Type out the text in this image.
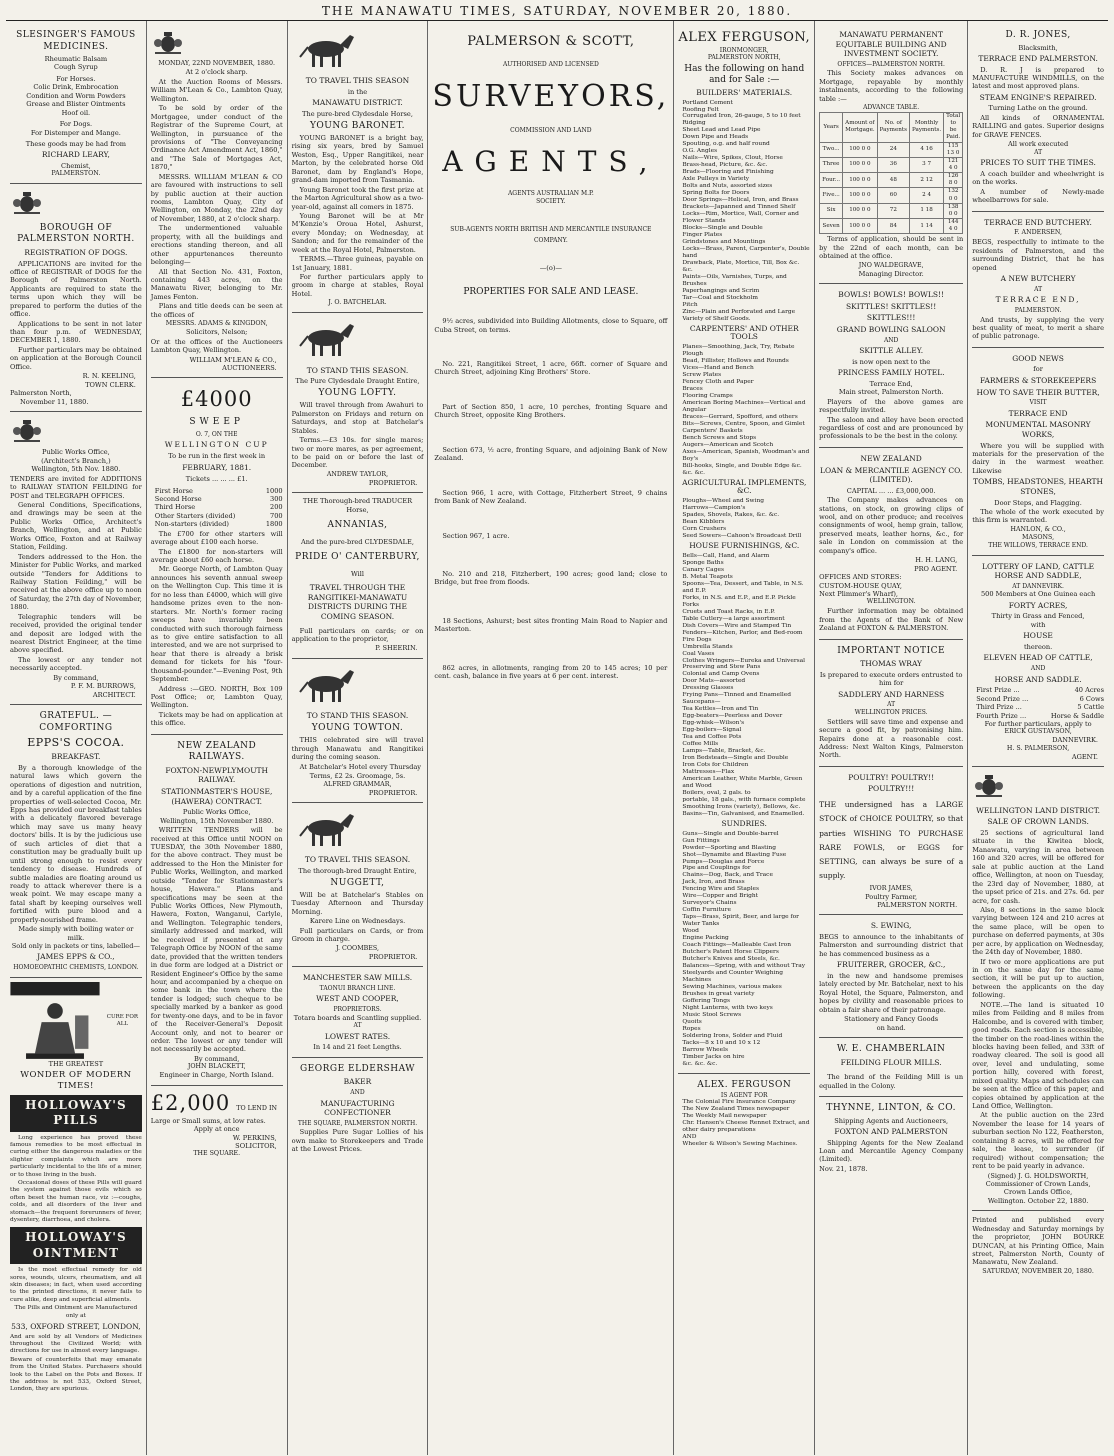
THE MANAWATU TIMES, SATURDAY, NOVEMBER 20, 1880.
SLESINGER'S FAMOUS MEDICINES.
Rheumatic Balsam
Cough Syrup
For Horses.
Colic Drink, Embrocation
Condition and Worm Powders
Grease and Blister Ointments
Hoof oil.
For Dogs.
For Distemper and Mange.
These goods may be had from
RICHARD LEARY,
Chemist,
PALMERSTON.
BOROUGH OF PALMERSTON NORTH.
REGISTRATION OF DOGS.

APPLICATIONS are invited for the office of REGISTRAR of DOGS for the Borough of Palmerston North. Applicants are required to state the terms upon which they will be prepared to perform the duties of the office.

Applications to be sent in not later than four p.m. of WEDNESDAY, DECEMBER 1, 1880.

Further particulars may be obtained on application at the Borough Council Office.

R. N. KEELING,
TOWN CLERK.
Palmerston North,
November 11, 1880.
Public Works Office,
(Architect's Branch,)
Wellington, 5th Nov. 1880.

TENDERS are invited for ADDITIONS to RAILWAY STATION FEILDING for POST and TELEGRAPH OFFICES.

General Conditions, Specifications, and drawings may be seen at the Public Works Office, Architect's Branch, Wellington, and at Public Works Office, Foxton and at Railway Station, Feilding.

Tenders addressed to the Hon. the Minister for Public Works, and marked outside "Tenders for Additions to Railway Station Feilding," will be received at the above office up to noon of Saturday, the 27th day of November, 1880.

Telegraphic tenders will be received, provided the original tender and deposit are lodged with the nearest District Engineer, at the time above specified.

The lowest or any tender not necessarily accepted.

By command,
P. F. M. BURROWS,
ARCHITECT.
GRATEFUL. — COMFORTING
EPPS'S COCOA.
BREAKFAST.

By a thorough knowledge of the natural laws which govern the operations of digestion and nutrition, and by a careful application of the fine properties of well-selected Cocoa, Mr. Epps has provided our breakfast tables with a delicately flavored beverage which may save us many heavy doctors' bills. It is by the judicious use of such articles of diet that a constitution may be gradually built up until strong enough to resist every tendency to disease. Hundreds of subtle maladies are floating around us ready to attack wherever there is a weak point. We may escape many a fatal shaft by keeping ourselves well fortified with pure blood and a properly-nourished frame.

Made simply with boiling water or milk.
Sold only in packets or tins, labelled—
JAMES EPPS & CO.,
HOMOEOPATHIC CHEMISTS, LONDON.
CURE FOR ALL
THE GREATEST
WONDER OF MODERN TIMES!
HOLLOWAY'S PILLS

Long experience has proved these famous remedies to be most effectual in curing either the dangerous maladies or the slighter complaints which are more particularly incidental to the life of a miner, or to those living in the bush.

Occasional doses of these Pills will guard the system against those evils which so often beset the human race, viz :—coughs, colds, and all disorders of the liver and stomach—the frequent forerunners of fever, dysentery, diarrhoea, and cholera.

HOLLOWAY'S OINTMENT

Is the most effectual remedy for old sores, wounds, ulcers, rheumatism, and all skin diseases; in fact, when used according to the printed directions, it never fails to cure alike, deep and superficial ailments.

The Pills and Ointment are Manufactured only at
533, OXFORD STREET, LONDON,

And are sold by all Vendors of Medicines throughout the Civilized World; with directions for use in almost every language.

Beware of counterfeits that may emanate from the United States. Purchasers should look to the Label on the Pots and Boxes. If the address is not 533, Oxford Street, London, they are spurious.

MONDAY, 22ND NOVEMBER, 1880.
At 2 o'clock sharp.

At the Auction Rooms of Messrs. William M'Lean & Co., Lambton Quay, Wellington.

To be sold by order of the Mortgagee, under conduct of the Registrar of the Supreme Court, at Wellington, in pursuance of the provisions of "The Conveyancing Ordinance Act Amendment Act, 1860," and "The Sale of Mortgages Act, 1870,"

MESSRS. WILLIAM M'LEAN & CO are favoured with instructions to sell by public auction at their auction rooms, Lambton Quay, City of Wellington, on Monday, the 22nd day of November, 1880, at 2 o'clock sharp.

The undermentioned valuable property, with all the buildings and erections standing thereon, and all other appurtenances thereunto belonging—

All that Section No. 431, Foxton, containing 443 acres, on the Manawatu River, belonging to Mr. James Fenton.

Plans and title deeds can be seen at the offices of

MESSRS. ADAMS & KINGDON,
Solicitors, Nelson;

Or at the offices of the Auctioneers Lambton Quay, Wellington.

WILLIAM M'LEAN & CO.,
AUCTIONEERS.
£4000
SWEEP
O. 7, ON THE
WELLINGTON CUP
To be run in the first week in
FEBRUARY, 1881.
Tickets ... ... ... £1.
First Horse	1000
Second Horse	300
Third Horse	200
Other Starters (divided)	700
Non-starters (divided)	1800

The £700 for other starters will average about £100 each horse.

The £1800 for non-starters will average about £60 each horse.

Mr. George North, of Lambton Quay announces his seventh annual sweep on the Wellington Cup. This time it is for no less than £4000, which will give handsome prizes even to the non-starters. Mr. North's former racing sweeps have invariably been conducted with such thorough fairness as to give entire satisfaction to all interested, and we are not surprised to hear that there is already a brisk demand for tickets for his "four-thousand-pounder."—Evening Post, 9th September.

Address :—GEO. NORTH, Box 109 Post Office; or, Lambton Quay, Wellington.

Tickets may be had on application at this office.

NEW ZEALAND RAILWAYS.
FOXTON-NEWPLYMOUTH RAILWAY.
STATIONMASTER'S HOUSE, (HAWERA) CONTRACT.
Public Works Office,
Wellington, 15th November 1880.

WRITTEN TENDERS will be received at this Office until NOON on TUESDAY, the 30th November 1880, for the above contract. They must be addressed to the Hon the Minister for Public Works, Wellington, and marked outside "Tender for Stationmaster's house, Hawera." Plans and specifications may be seen at the Public Works Offices, New Plymouth, Hawera, Foxton, Wanganui, Carlyle, and Wellington. Telegraphic tenders, similarly addressed and marked, will be received if presented at any Telegraph Office by NOON of the same date, provided that the written tenders in due form are lodged at a District or Resident Engineer's Office by the same hour, and accompanied by a cheque on some bank in the town where the tender is lodged; such cheque to be specially marked by a banker as good for twenty-one days, and to be in favor of the Receiver-General's Deposit Account only, and not to bearer or order. The lowest or any tender will not necessarily be accepted.

By command,
JOHN BLACKETT,
Engineer in Charge, North Island.
£2,000 TO LEND IN
Large or Small sums, at low rates.
Apply at once
W. PERKINS,
SOLICITOR,
THE SQUARE.
TO TRAVEL THIS SEASON
in the
MANAWATU DISTRICT.
The pure-bred Clydesdale Horse,
YOUNG BARONET.

YOUNG BARONET is a bright bay, rising six years, bred by Samuel Weston, Esq., Upper Rangitikei, near Marton, by the celebrated horse Old Baronet, dam by England's Hope, grand-dam imported from Tasmania.

Young Baronet took the first prize at the Marton Agricultural show as a two-year-old, against all comers in 1875.

Young Baronet will be at Mr M'Kenzie's Oroua Hotel, Ashurst, every Monday; on Wednesday, at Sandon; and for the remainder of the week at the Royal Hotel, Palmerston.

TERMS.—Three guineas, payable on 1st January, 1881.

For further particulars apply to groom in charge at stables, Royal Hotel.

J. O. BATCHELAR.
TO STAND THIS SEASON.
The Pure Clydesdale Draught Entire,
YOUNG LOFTY.

Will travel through from Awahuri to Palmerston on Fridays and return on Saturdays, and stop at Batchelar's Stables.

Terms.—£3 10s. for single mares; two or more mares, as per agreement, to be paid on or before the last of December.

ANDREW TAYLOR,
PROPRIETOR.
THE Thorough-bred TRADUCER Horse,
ANNANIAS,
And the pure-bred CLYDESDALE,
PRIDE O' CANTERBURY,
Will
TRAVEL THROUGH THE RANGITIKEI-MANAWATU DISTRICTS DURING THE COMING SEASON.

Full particulars on cards; or on application to the proprietor,

P. SHEERIN.
TO STAND THIS SEASON.
YOUNG TOWTON.

THIS celebrated sire will travel through Manawatu and Rangitikei during the coming season.

At Batchelar's Hotel every Thursday

Terms, £2 2s. Groomage, 5s.
ALFRED GRAMMAR,
PROPRIETOR.
TO TRAVEL THIS SEASON.
The thorough-bred Draught Entire,
NUGGETT,

Will be at Batchelar's Stables on Tuesday Afternoon and Thursday Morning.

Karere Line on Wednesdays.

Full particulars on Cards, or from Groom in charge.

J. COOMBES,
PROPRIETOR.
MANCHESTER SAW MILLS.
TAONUI BRANCH LINE.
WEST AND COOPER,
PROPRIETORS.
Totara boards and Scantling supplied.
AT
LOWEST RATES.
In 14 and 21 feet Lengths.
GEORGE ELDERSHAW
BAKER
AND
MANUFACTURING CONFECTIONER
THE SQUARE, PALMERSTON NORTH.

Supplies Pure Sugar Lollies of his own make to Storekeepers and Trade at the Lowest Prices.

PALMERSON & SCOTT,
AUTHORISED AND LICENSED
SURVEYORS,
COMMISSION AND LAND
AGENTS,
AGENTS AUSTRALIAN M.P.
SOCIETY.
SUB-AGENTS NORTH BRITISH AND MERCANTILE INSURANCE COMPANY.
—(o)—
PROPERTIES FOR SALE AND LEASE.

9½ acres, subdivided into Building Allotments, close to Square, off Cuba Street, on terms.

No. 221, Rangitikei Street, 1 acre, 66ft. corner of Square and Church Street, adjoining King Brothers' Store.

Part of Section 850, 1 acre, 10 perches, fronting Square and Church Street, opposite King Brothers.

Section 673, ½ acre, fronting Square, and adjoining Bank of New Zealand.

Section 966, 1 acre, with Cottage, Fitzherbert Street, 9 chains from Bank of New Zealand.

Section 967, 1 acre.

No. 210 and 218, Fitzherbert, 190 acres; good land; close to Bridge, but free from floods.

18 Sections, Ashurst; best sites fronting Main Road to Napier and Masterton.

862 acres, in allotments, ranging from 20 to 145 acres; 10 per cent. cash, balance in five years at 6 per cent. interest.

ALEX FERGUSON,
IRONMONGER,
PALMERSTON NORTH,
Has the following on hand and for Sale :—
BUILDERS' MATERIALS.
Portland Cement
Roofing Felt
Corrugated Iron, 26-gauge, 5 to 10 feet
Ridging
Sheet Lead and Lead Pipe
Down Pipe and Heads
Spouting, o.g. and half round
O.G. Angles
Nails—Wire, Spikes, Clout, Horse
Brass-head, Picture, &c. &c.
Brads—Flooring and Finishing
Axle Pulleys in Variety
Bolts and Nuts, assorted sizes
Spring Bolts for Doors
Door Springs—Helical, Iron, and Brass
Brackets—Japanned and Tinned Shelf
Locks—Rim, Mortice, Wall, Corner and Flower Stands
Blocks—Single and Double
Finger Plates
Grindstones and Mountings
Locks—Brass, Parent, Carpenter's, Double hand
Drawback, Plate, Mortice, Till, Box &c. &c.
Paints—Oils, Varnishes, Turps, and Brushes
Paperhangings and Scrim
Tar—Coal and Stockholm
Pitch
Zinc—Plain and Perforated and Large Variety of Shelf Goods.
CARPENTERS' AND OTHER TOOLS
Planes—Smoothing, Jack, Try, Rebate Plough
Bead, Fillister, Hollows and Rounds
Vices—Hand and Bench
Screw Plates
Fencey Cloth and Paper
Braces
Flooring Cramps
American Boring Machines—Vertical and Angular
Braces—Gerrard, Spofford, and others
Bits—Screws, Centre, Spoon, and Gimlet
Carpenters' Baskets
Bench Screws and Stops
Augers—American and Scotch
Axes—American, Spanish, Woodman's and Boy's
Bill-hooks, Single, and Double Edge &c. &c. &c.
AGRICULTURAL IMPLEMENTS, &C.
Ploughs—Wheel and Swing
Harrows—Campion's
Spades, Shovels, Rakes, &c. &c.
Bean Kibblers
Corn Crushers
Seed Sowers—Cahoon's Broadcast Drill
HOUSE FURNISHINGS, &C.
Bells—Call, Hand, and Alarm
Sponge Baths
Canary Cages
B. Metal Teapots
Spoons—Tea, Dessert, and Table, in N.S. and E.P.
Forks, in N.S. and E.P., and E.P. Pickle Forks
Cruets and Toast Racks, in E.P.
Table Cutlery—a large assortment
Dish Covers—Wire and Stamped Tin
Fenders—Kitchen, Parlor, and Bed-room
Fire Dogs
Umbrella Stands
Coal Vases
Clothes Wringers—Eureka and Universal
Preserving and Stew Pans
Colonial and Camp Ovens
Door Mats—assorted
Dressing Glasses
Frying Pans—Tinned and Enamelled
Saucepans—
Tea Kettles—Iron and Tin
Egg-beaters—Peerless and Dover
Egg-whisk—Wilson's
Egg-boilers—Signal
Tea and Coffee Pots
Coffee Mills
Lamps—Table, Bracket, &c.
Iron Bedsteads—Single and Double
Iron Cots for Children
Mattresses—Flax
American Leather, White Marble, Green and Wood
Boilers, oval, 2 gals. to
portable, 18 gals., with furnace complete
Smoothing Irons (variety), Bellows, &c.
Basins—Tin, Galvanised, and Enamelled.
SUNDRIES.
Guns—Single and Double-barrel
Gun Fittings
Powder—Sporting and Blasting
Shot—Dynamite and Blasting Fuse
Pumps—Douglas and Force
Pipe and Couplings for
Chains—Dog, Back, and Trace
Jack, Iron, and Brass
Fencing Wire and Staples
Wire—Copper and Bright
Surveyor's Chains
Coffin Furniture
Taps—Brass, Spirit, Beer, and large for Water Tanks
Wood
Engine Packing
Coach Fittings—Malleable Cast Iron
Butcher's Patent Horse Clippers
Butcher's Knives and Steels, &c.
Balances—Spring, with and without Tray
Steelyards and Counter Weighing Machines
Sewing Machines, various makes
Brushes in great variety
Goffering Tongs
Night Lanterns, with two keys
Music Stool Screws
Quoits
Ropes
Soldering Irons, Solder and Fluid
Tacks—8 x 10 and 10 x 12
Barrow Wheels
Timber Jacks on hire
&c. &c. &c.
ALEX. FERGUSON
IS AGENT FOR
The Colonial Fire Insurance Company
The New Zealand Times newspaper
The Weekly Mail newspaper
Chr. Hansen's Cheese Rennet Extract, and other dairy preparations
AND
Wheeler & Wilson's Sewing Machines.
MANAWATU PERMANENT EQUITABLE BUILDING AND INVESTMENT SOCIETY.
OFFICES—PALMERSTON NORTH.

This Society makes advances on Mortgage, repayable by monthly instalments, according to the following table :—

ADVANCE TABLE.
Years	Amount of Mortgage.	No. of Payments	Monthly Payments.	Total to be Paid.
Two...	100 0 0	24	4 16	115 13 0
Three	100 0 0	36	3 7	121 4 0
Four...	100 0 0	48	2 12	126 8 0
Five...	100 0 0	60	2 4	132 0 0
Six	100 0 0	72	1 18	138 0 0
Seven	100 0 0	84	1 14	144 4 0

Terms of application, should be sent in by the 22nd of each month, can be obtained at the office.

JNO WALDEGRAVE,
Managing Director.
BOWLS! BOWLS! BOWLS!!
SKITTLES! SKITTLES!!
SKITTLES!!!
GRAND BOWLING SALOON
AND
SKITTLE ALLEY.
is now open next to the
PRINCESS FAMILY HOTEL.
Terrace End,
Main street, Palmerston North.

Players of the above games are respectfully invited.

The saloon and alley have been erected regardless of cost and are pronounced by professionals to be the best in the colony.

NEW ZEALAND
LOAN & MERCANTILE AGENCY CO. (LIMITED).
CAPITAL ... ... £3,000,000.

The Company makes advances on stations, on stock, on growing clips of wool, and on other produce; and receives consignments of wool, hemp grain, tallow, preserved meats, leather horns, &c., for sale in London on commission at the company's office.

H. H. LANG,
PRO AGENT.
OFFICES AND STORES:
CUSTOM-HOUSE QUAY,
Next Plimmer's Wharf),
WELLINGTON.

Further information may be obtained from the Agents of the Bank of New Zealand at FOXTON & PALMERSTON.

IMPORTANT NOTICE
THOMAS WRAY
Is prepared to execute orders entrusted to him for
SADDLERY AND HARNESS
AT
WELLINGTON PRICES.

Settlers will save time and expense and secure a good fit, by patronising him. Repairs done at a reasonable cost. Address: Next Walton Kings, Palmerston North.

POULTRY! POULTRY!!
POULTRY!!!

THE undersigned has a LARGE STOCK of CHOICE POULTRY, so that parties WISHING TO PURCHASE RARE FOWLS, or EGGS for SETTING, can always be sure of a supply.

IVOR JAMES,
Poultry Farmer,
PALMERSTON NORTH.
S. EWING,

BEGS to announce to the inhabitants of Palmerston and surrounding district that he has commenced business as a

FRUITERER, GROCER, &C.,

in the new and handsome premises lately erected by Mr. Batchelar, next to his Royal Hotel, the Square, Palmerston, and hopes by civility and reasonable prices to obtain a fair share of their patronage.

Stationery and Fancy Goods
on hand.
W. E. CHAMBERLAIN
FEILDING FLOUR MILLS.

The brand of the Feilding Mill is un equalled in the Colony.

THYNNE, LINTON, & CO.
Shipping Agents and Auctioneers,
FOXTON AND PALMERSTON

Shipping Agents for the New Zealand Loan and Mercantile Agency Company (Limited).

Nov. 21, 1878.
D. R. JONES,
Blacksmith,
TERRACE END PALMERSTON.

D. R. J is prepared to MANUFACTURE WINDMILLS, on the latest and most approved plans.

STEAM ENGINE'S REPAIRED.
Turning Lathe on the ground.

All kinds of ORNAMENTAL RAILLING and gates. Superior designs for GRAVE FENCES.

All work executed
AT
PRICES TO SUIT THE TIMES.

A coach builder and wheelwright is on the works.

A number of Newly-made wheelbarrows for sale.

TERRACE END BUTCHERY.
F. ANDERSEN,

BEGS, respectfully to intimate to the residents of Palmerston, and the surrounding District, that he has opened

A NEW BUTCHERY
AT
TERRACE END,
PALMERSTON.

And trusts, by supplying the very best quality of meat, to merit a share of public patronage.

GOOD NEWS
for
FARMERS & STOREKEEPERS
HOW TO SAVE THEIR BUTTER,
VISIT
TERRACE END
MONUMENTAL MASONRY WORKS,

Where you will be supplied with materials for the preservation of the dairy in the warmest weather. Likewise

TOMBS, HEADSTONES, HEARTH STONES,
Door Steps, and Flagging.

The whole of the work executed by this firm is warranted.

HANLON, & CO.,
MASONS,
THE WILLOWS, TERRACE END.
LOTTERY OF LAND, CATTLE HORSE AND SADDLE,
AT DANNEVIRK.
500 Members at One Guinea each
FORTY ACRES,
Thirty in Grass and Fenced,
with
HOUSE
thereon.
ELEVEN HEAD OF CATTLE,
AND
HORSE AND SADDLE.
First Prize ...	40 Acres
Second Prize ...	6 Cows
Third Prize ...	5 Cattle
Fourth Prize ...	Horse & Saddle
For further particulars, apply to
ERICK GUSTAVSON,
DANNEVIRK.
H. S. PALMERSON,
AGENT.
WELLINGTON LAND DISTRICT.
SALE OF CROWN LANDS.

25 sections of agricultural land situate in the Kiwitea block, Manawatu, varying in area between 160 and 320 acres, will be offered for sale at public auction at the Land office, Wellington, at noon on Tuesday, the 23rd day of November, 1880, at the upset price of 21s. and 27s. 6d. per acre, for cash.

Also, 8 sections in the same block varying between 124 and 210 acres at the same place, will be open to purchase on deferred payments, at 30s per acre, by application on Wednesday, the 24th day of November, 1880.

If two or more applications are put in on the same day for the same section, it will be put up to auction, between the applicants on the day following.

NOTE.—The land is situated 10 miles from Feilding and 8 miles from Halcombe, and is covered with timber, good roads. Each section is accessible, the timber on the road-lines within the blocks having been felled, and 33ft of roadway cleared. The soil is good all over, level and undulating, some portion hilly, covered with forest, mixed quality. Maps and schedules can be seen at the office of this paper, and copies obtained by application at the Land Office, Wellington.

At the public auction on the 23rd November the lease for 14 years of suburban section No 122, Featherston, containing 8 acres, will be offered for sale, the lease, to surrender (if required) without compensation; the rent to be paid yearly in advance.

(Signed) J. G. HOLDSWORTH,
Commissioner of Crown Lands,
Crown Lands Office,
Wellington. October 22, 1880.

Printed and published every Wednesday and Saturday mornings by the proprietor, JOHN BOURKE DUNCAN, at his Printing Office, Main street, Palmerston North, County of Manawatu, New Zealand.

SATURDAY, NOVEMBER 20, 1880.
